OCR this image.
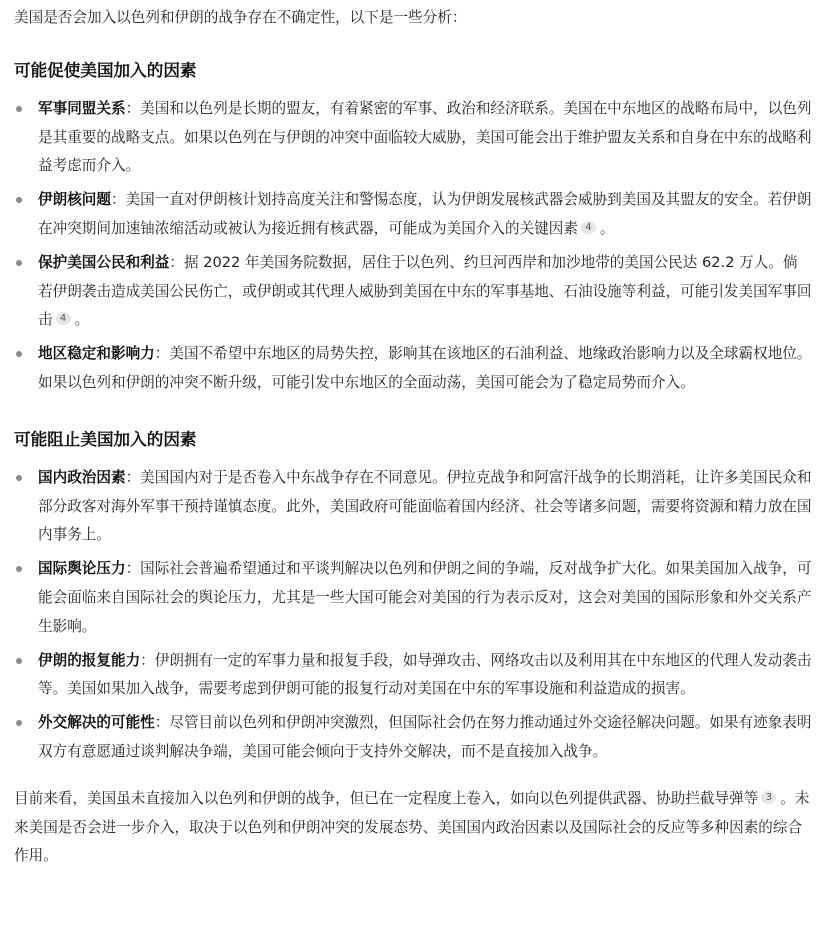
美国是否会加入以色列和伊朗的战争存在不确定性，以下是一些分析：

可能促使美国加入的因素
军事同盟关系：美国和以色列是长期的盟友，有着紧密的军事、政治和经济联系。美国在中东地区的战略布局中，以色列是其重要的战略支点。如果以色列在与伊朗的冲突中面临较大威胁，美国可能会出于维护盟友关系和自身在中东的战略利益考虑而介入。
伊朗核问题：美国一直对伊朗核计划持高度关注和警惕态度，认为伊朗发展核武器会威胁到美国及其盟友的安全。若伊朗在冲突期间加速铀浓缩活动或被认为接近拥有核武器，可能成为美国介入的关键因素 4 。
保护美国公民和利益：据 2022 年美国务院数据，居住于以色列、约旦河西岸和加沙地带的美国公民达 62.2 万人。倘若伊朗袭击造成美国公民伤亡，或伊朗或其代理人威胁到美国在中东的军事基地、石油设施等利益，可能引发美国军事回击 4 。
地区稳定和影响力：美国不希望中东地区的局势失控，影响其在该地区的石油利益、地缘政治影响力以及全球霸权地位。如果以色列和伊朗的冲突不断升级，可能引发中东地区的全面动荡，美国可能会为了稳定局势而介入。
可能阻止美国加入的因素
国内政治因素：美国国内对于是否卷入中东战争存在不同意见。伊拉克战争和阿富汗战争的长期消耗，让许多美国民众和部分政客对海外军事干预持谨慎态度。此外，美国政府可能面临着国内经济、社会等诸多问题，需要将资源和精力放在国内事务上。
国际舆论压力：国际社会普遍希望通过和平谈判解决以色列和伊朗之间的争端，反对战争扩大化。如果美国加入战争，可能会面临来自国际社会的舆论压力，尤其是一些大国可能会对美国的行为表示反对，这会对美国的国际形象和外交关系产生影响。
伊朗的报复能力：伊朗拥有一定的军事力量和报复手段，如导弹攻击、网络攻击以及利用其在中东地区的代理人发动袭击等。美国如果加入战争，需要考虑到伊朗可能的报复行动对美国在中东的军事设施和利益造成的损害。
外交解决的可能性：尽管目前以色列和伊朗冲突激烈，但国际社会仍在努力推动通过外交途径解决问题。如果有迹象表明双方有意愿通过谈判解决争端，美国可能会倾向于支持外交解决，而不是直接加入战争。

目前来看，美国虽未直接加入以色列和伊朗的战争，但已在一定程度上卷入，如向以色列提供武器、协助拦截导弹等 3 。未来美国是否会进一步介入，取决于以色列和伊朗冲突的发展态势、美国国内政治因素以及国际社会的反应等多种因素的综合作用。
